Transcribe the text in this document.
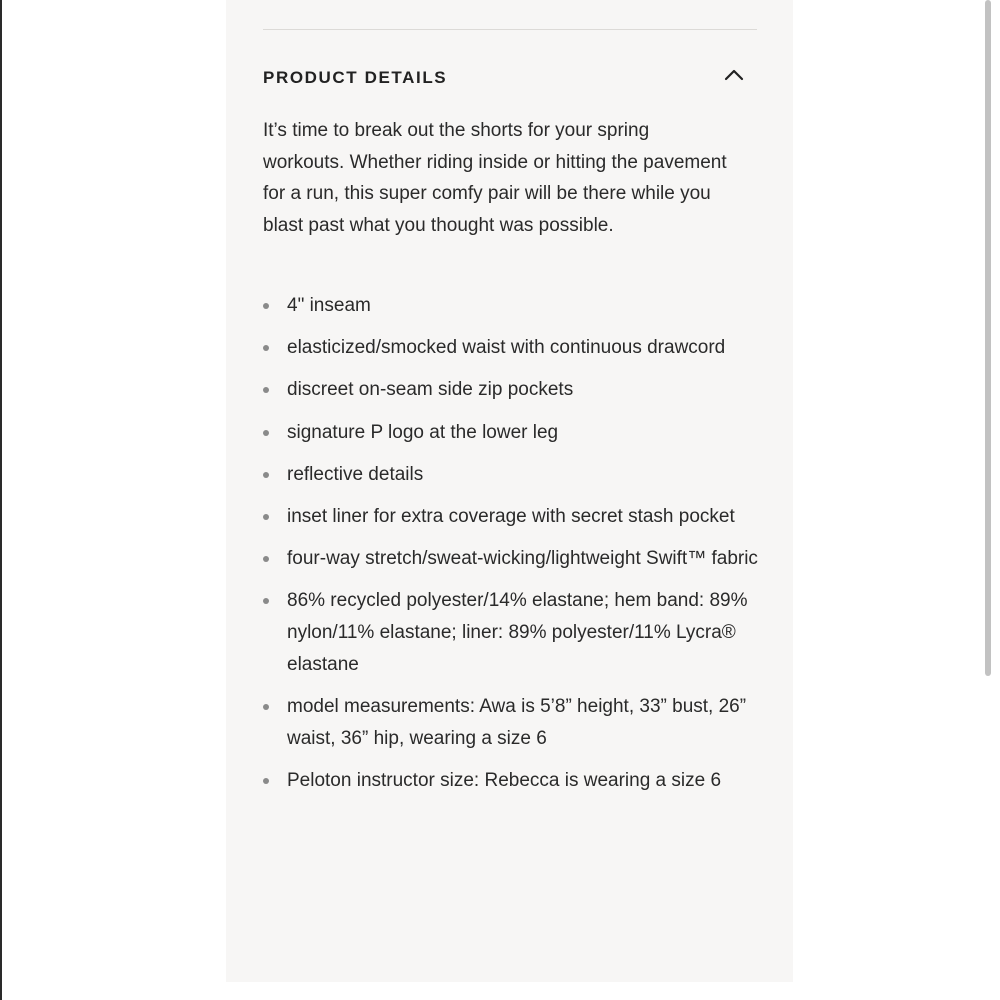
PRODUCT DETAILS

It’s time to break out the shorts for your spring workouts. Whether riding inside or hitting the pavement for a run, this super comfy pair will be there while you blast past what you thought was possible.

4" inseam
elasticized/smocked waist with continuous drawcord
discreet on-seam side zip pockets
signature P logo at the lower leg
reflective details
inset liner for extra coverage with secret stash pocket
four-way stretch/sweat-wicking/lightweight Swift™ fabric
86% recycled polyester/14% elastane; hem band: 89% nylon/11% elastane; liner: 89% polyester/11% Lycra® elastane
model measurements: Awa is 5’8” height, 33” bust, 26” waist, 36” hip, wearing a size 6
Peloton instructor size: Rebecca is wearing a size 6
